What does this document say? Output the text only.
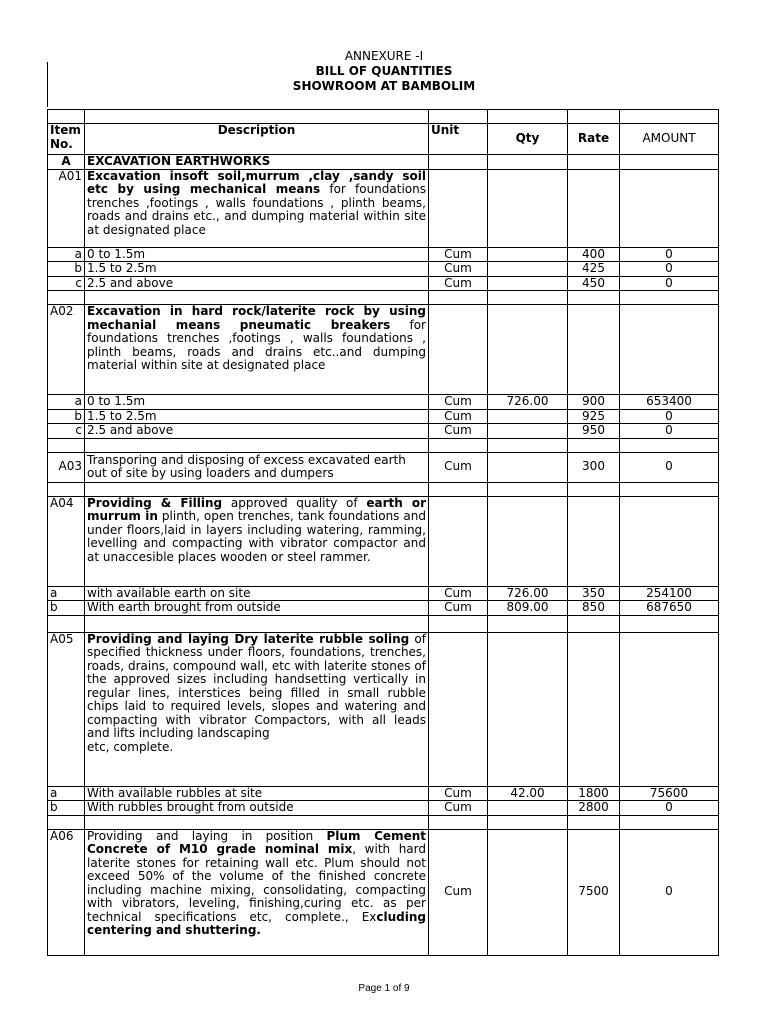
ANNEXURE -I
BILL OF QUANTITIES
SHOWROOM AT BAMBOLIM

Item No.	Description	Unit	Qty	Rate	AMOUNT
A	EXCAVATION EARTHWORKS				
A01	Excavation insoft soil,murrum ,clay ,sandy soil etc by using mechanical means for foundations trenches ,footings , walls foundations , plinth beams, roads and drains etc., and dumping material within site at designated place				
a	0 to 1.5m	Cum		400	0
b	1.5 to 2.5m	Cum		425	0
c	2.5 and above	Cum		450	0

A02	Excavation in hard rock/laterite rock by using mechanial means pneumatic breakers for foundations trenches ,footings , walls foundations , plinth beams, roads and drains etc..and dumping material within site at designated place				
a	0 to 1.5m	Cum	726.00	900	653400
b	1.5 to 2.5m	Cum		925	0
c	2.5 and above	Cum		950	0

A03	Transporing and disposing of excess excavated earth out of site by using loaders and dumpers	Cum		300	0

A04	Providing & Filling approved quality of earth or murrum in plinth, open trenches, tank foundations and under floors,laid in layers including watering, ramming, levelling and compacting with vibrator compactor and at unaccesible places wooden or steel rammer.				
a	with available earth on site	Cum	726.00	350	254100
b	With earth brought from outside	Cum	809.00	850	687650

A05	Providing and laying Dry laterite rubble soling of specified thickness under floors, foundations, trenches, roads, drains, compound wall, etc with laterite stones of the approved sizes including handsetting vertically in regular lines, interstices being filled in small rubble chips laid to required levels, slopes and watering and compacting with vibrator Compactors, with all leads and lifts including landscaping
etc, complete.				

a	With available rubbles at site	Cum	42.00	1800	75600
b	With rubbles brought from outside	Cum		2800	0

A06	Providing and laying in position Plum Cement Concrete of M10 grade nominal mix, with hard laterite stones for retaining wall etc. Plum should not exceed 50% of the volume of the finished concrete including machine mixing, consolidating, compacting with vibrators, leveling, finishing,curing etc. as per technical specifications etc, complete., Excluding centering and shuttering.	Cum		7500	0
Page 1 of 9
